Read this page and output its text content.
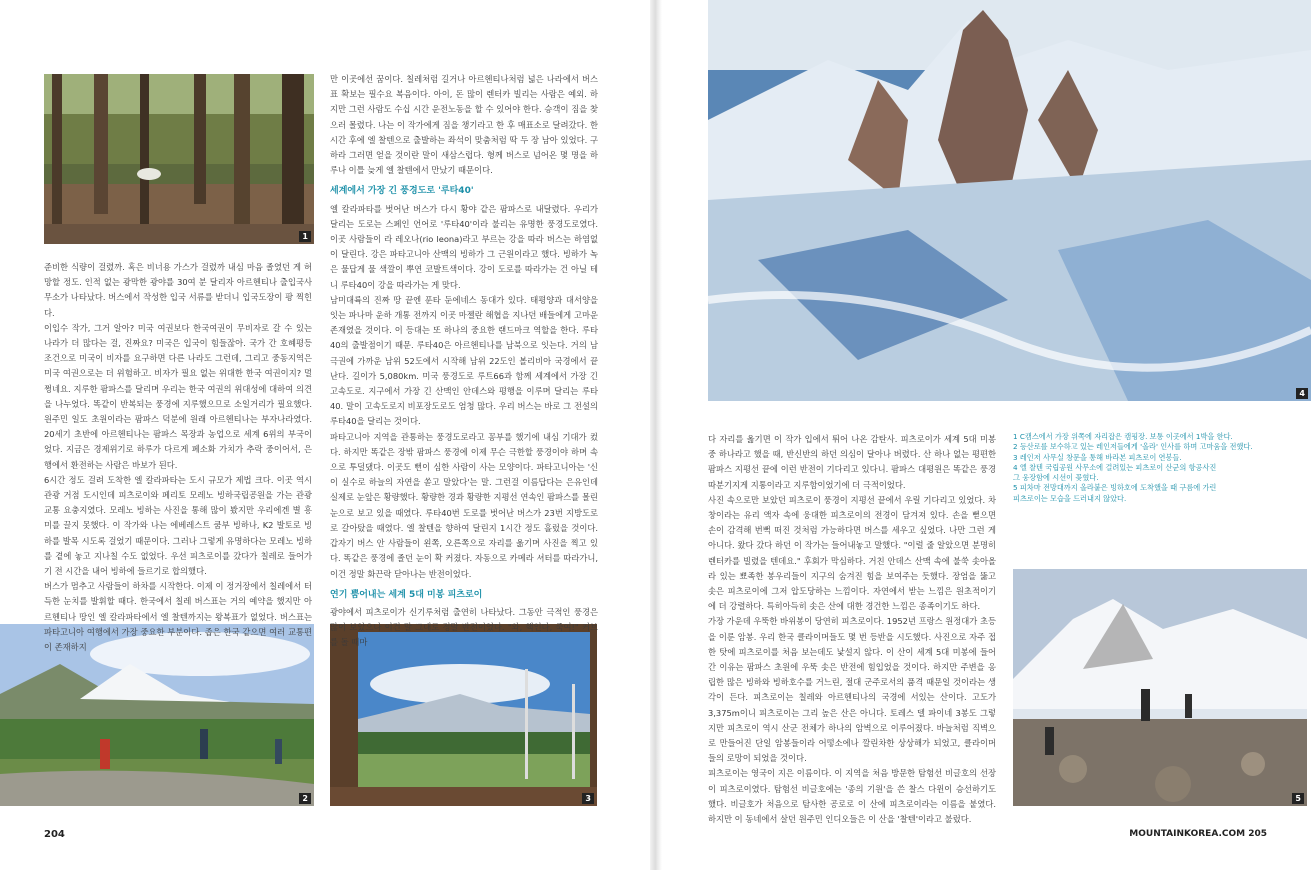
1
2	3
4
5

준비한 식량이 걸렸까. 혹은 비너용 가스가 걸렸까 내심 마음 졸였던 게 허망할 정도. 인적 없는 광막한 광야를 30여 분 달리자 아르헨티나 출입국사무소가 나타났다. 버스에서 작성한 입국 서류를 받더니 입국도장이 팡 찍힌다.

이입수 작가, 그거 알아? 미국 여권보다 한국여권이 무비자로 갈 수 있는 나라가 더 많다는 걸, 진짜요? 미국은 입국이 힘들잖아. 국가 간 호혜평등 조건으로 미국이 비자를 요구하면 다른 나라도 그런데, 그리고 중동지역은 미국 여권으로는 더 위험하고. 비자가 필요 없는 위대한 한국 여권이지? 멀쩡네요. 지루한 팜파스를 달리며 우리는 한국 여권의 위대성에 대하여 의견을 나누었다. 똑같이 반복되는 풍경에 지루했으므로 소일거리가 필요했다. 원주민 일도 초원이라는 팜파스 덕분에 원래 아르헨티나는 부자나라였다. 20세기 초반에 아르헨티나는 팜파스 목장과 농업으로 세계 6위의 부국이었다. 지금은 경제위기로 하루가 다르게 페소화 가치가 추락 중이어서, 은행에서 환전하는 사람은 바보가 된다.

6시간 정도 걸려 도착한 엘 칼라파타는 도시 규모가 제법 크다. 이곳 역시 관광 거점 도시인데 피츠로이와 페리토 모레노 빙하국립공원을 가는 관광교통 요충지였다. 모레노 빙하는 사진을 통해 많이 봤지만 우리에겐 별 흥미를 끌지 못했다. 이 작가와 나는 에베레스트 쿰부 빙하나, K2 발토로 빙하를 발목 시도록 걸었기 때문이다. 그러나 그렇게 유명하다는 모레노 빙하를 곁에 놓고 지나칠 수도 없었다. 우선 피츠로이를 갔다가 칠레로 들어가기 전 시간을 내어 빙하에 들르기로 합의했다.

버스가 멈추고 사람들이 하차를 시작한다. 이제 이 정거장에서 칠레에서 터득한 눈치를 발휘할 때다. 한국에서 칠레 버스표는 거의 예약을 했지만 아르헨티나 땅인 엘 칼라파타에서 엘 찰텐까지는 왕복표가 없었다. 버스표는 파타고니아 여행에서 가장 중요한 부분이다. 좁은 한국 같으면 여러 교통편이 존재하지

만 이곳에선 꿈이다. 칠레처럼 길거나 아르헨티나처럼 넓은 나라에서 버스표 확보는 필수요 복음이다. 아이, 돈 많이 렌터카 빌리는 사람은 예외. 하지만 그런 사람도 수십 시간 운전노동을 할 수 있어야 한다. 승객이 짐을 찾으러 몰렸다. 나는 이 작가에게 짐을 챙기라고 한 후 매표소로 달려갔다. 한 시간 후에 엘 찰텐으로 출발하는 좌석이 맞춤처럼 딱 두 장 남아 있었다. 구하라 그러면 얻을 것이란 말이 새삼스럽다. 형께 버스로 넘어온 몇 명을 하루나 이틀 늦게 엘 찰텐에서 만났기 때문이다.

세계에서 가장 긴 풍경도로 '루타40'

엘 칼라파타를 벗어난 버스가 다시 황야 같은 팜파스로 내달렸다. 우리가 달리는 도로는 스페인 언어로 '루타40'이라 불리는 유명한 풍경도로였다. 이곳 사람들이 라 레오나(rio leona)라고 부르는 강을 따라 버스는 하염없이 달린다. 강은 파타고니아 산맥의 빙하가 그 근원이라고 했다. 빙하가 녹은 물답게 물 색깔이 뿌연 코발트색이다. 강이 도로를 따라가는 건 아닐 테니 루타40이 강을 따라가는 게 맞다.

남미대륙의 진짜 땅 끝엔 푼타 둔에네스 동대가 있다. 태평양과 대서양을 잇는 파나마 운하 개통 전까지 이곳 마젤란 해협을 지나던 배들에게 고마운 존재였을 것이다. 이 등대는 또 하나의 중요한 랜드마크 역할을 한다. 루타40의 출발점이기 때문. 루타40은 아르헨티나를 남북으로 잇는다. 거의 남극권에 가까운 남위 52도에서 시작해 남위 22도인 볼리비아 국경에서 끝난다. 길이가 5,080km. 미국 풍경도로 루트66과 함께 세계에서 가장 긴 고속도로. 지구에서 가장 긴 산맥인 안데스와 평행을 이루며 달리는 루타40. 말이 고속도로지 비포장도로도 엄청 많다. 우리 버스는 바로 그 전설의 루타40을 달리는 것이다.

파타고니아 지역을 관통하는 풍경도로라고 꽁부를 했기에 내심 기대가 컸다. 하지만 똑같은 장밖 팜파스 풍경에 이제 무슨 극한할 풍경이야 하며 속으로 투덜댔다. 이곳도 뻔이 심한 사람이 사는 모양이다. 파타고니아는 '신이 실수로 하늘의 자연을 쏟고 말았다'는 말. 그런걸 이름답다는 은유인데 실제로 눈앞은 황량했다. 황량한 경과 황량한 지평선 연속인 팜파스를 몰린 눈으로 보고 있을 때였다. 루타40번 도로를 벗어난 버스가 23번 지방도로로 갈아탔을 때였다. 엘 찰텐을 향하여 달린지 1시간 정도 흘렀을 것이다. 갑자기 버스 안 사람들이 왼쪽, 오른쪽으로 자리를 옮기며 사진을 찍고 있다. 똑같은 풍경에 졸던 눈이 확 커졌다. 자동으로 카메라 셔터를 따라가니, 이건 정말 화끈락 닫아나는 반전이었다.

연기 뿜어내는 세계 5대 미봉 피츠로이

광야에서 피츠로이가 신기루처럼 출연히 나타났다. 그동안 극적인 풍경은 많이 보았으나 이건 말 그대로 정말 반전이었다. "와, 핵인다, 죽여!" 커브를 돌 때마

다 자리를 옮기면 이 작가 입에서 튀어 나온 감탄사. 피츠로이가 세계 5대 미봉 중 하나라고 했을 때, 반신반의 하던 의심이 달아나 버렸다. 산 하나 없는 평편한 팜파스 지평선 끝에 이런 반전이 기다리고 있다니. 팜파스 대평원은 똑같은 풍경 따분기지게 지통이라고 지루함이었기에 더 극적이었다.

사진 속으로만 보았던 피츠로이 풍경이 지평선 끝에서 우릴 기다리고 있었다. 차창이라는 유리 액자 속에 웅대한 피츠로이의 전경이 담겨져 있다. 손을 뻗으면 손이 감격해 번뻑 떠진 것처럼 가능하다면 버스를 세우고 싶었다. 나만 그런 게 아니다. 왔다 갔다 하던 이 작가는 들어내놓고 말했다. "이럴 줄 알았으면 분명히 렌터카를 빌렸을 텐데요." 후회가 막심하다. 거친 안데스 산맥 속에 불쑥 솟아올라 있는 뾰족한 봉우리들이 지구의 숨겨진 힘을 보여주는 듯했다. 장엄을 뚫고 솟은 피츠로이에 그저 압도당하는 느낌이다. 자연에서 받는 느낌은 원초적이기에 더 강렬하다. 특히아득히 솟은 산에 대한 경건한 느낌은 종족이기도 하다.

가장 가운데 우뚝한 바위봉이 당연히 피츠로이다. 1952년 프랑스 원정대가 초등을 이룬 암봉. 우리 한국 클라이머들도 몇 번 등반을 시도했다. 사진으로 자주 접한 탓에 피츠로이를 처음 보는데도 낯설지 않다. 이 산이 세계 5대 미봉에 들어간 이유는 팜파스 초원에 우뚝 솟은 반전에 힘입었을 것이다. 하지만 주변을 옹립한 많은 빙하와 빙하호수를 거느린, 절대 군주로서의 품격 때문일 것이라는 생각이 든다. 피츠로이는 칠레와 아르헨티나의 국경에 서있는 산이다. 고도가 3,375m이니 피츠로이는 그리 높은 산은 아니다. 토레스 델 파이네 3봉도 그렇지만 피츠로이 역시 산군 전체가 하나의 암벽으로 이루어졌다. 바늘처럼 직벽으로 만들어진 단일 암봉들이라 어떻소에나 깔린차한 상상해가 되었고, 클라이머들의 로망이 되었을 것이다.

피츠로이는 영국이 지은 이름이다. 이 지역을 처음 방문한 탐험선 비글호의 선장이 피츠로이였다. 탐험선 비글호에는 '종의 기원'을 쓴 찰스 다윈이 승선하기도 했다. 비글호가 처음으로 탐사한 공로로 이 산에 피츠로이라는 이름을 붙였다. 하지만 이 동네에서 살던 원주민 인디오들은 이 산을 '찰텐'이라고 불렀다.

1 C캠스에서 가장 위쪽에 자리잡은 캠핑장. 보통 이곳에서 1박을 한다.
2 등산로를 보수하고 있는 레인저들에게 '올라' 인사를 하며 고마움을 전했다.
3 레인저 사무실 창문을 통해 바라본 피츠로이 연봉들.
4 엘 찰텐 국립공원 사무소에 걸려있는 피츠로이 산군의 항공사진
그 웅장함에 시선이 꽂혔다.
5 피차마 전망대까지 올라붙은 빙하호에 도착했을 때 구름에 가린
피츠로이는 모습을 드러내지 않았다.
204	MOUNTAINKOREA.COM 205
